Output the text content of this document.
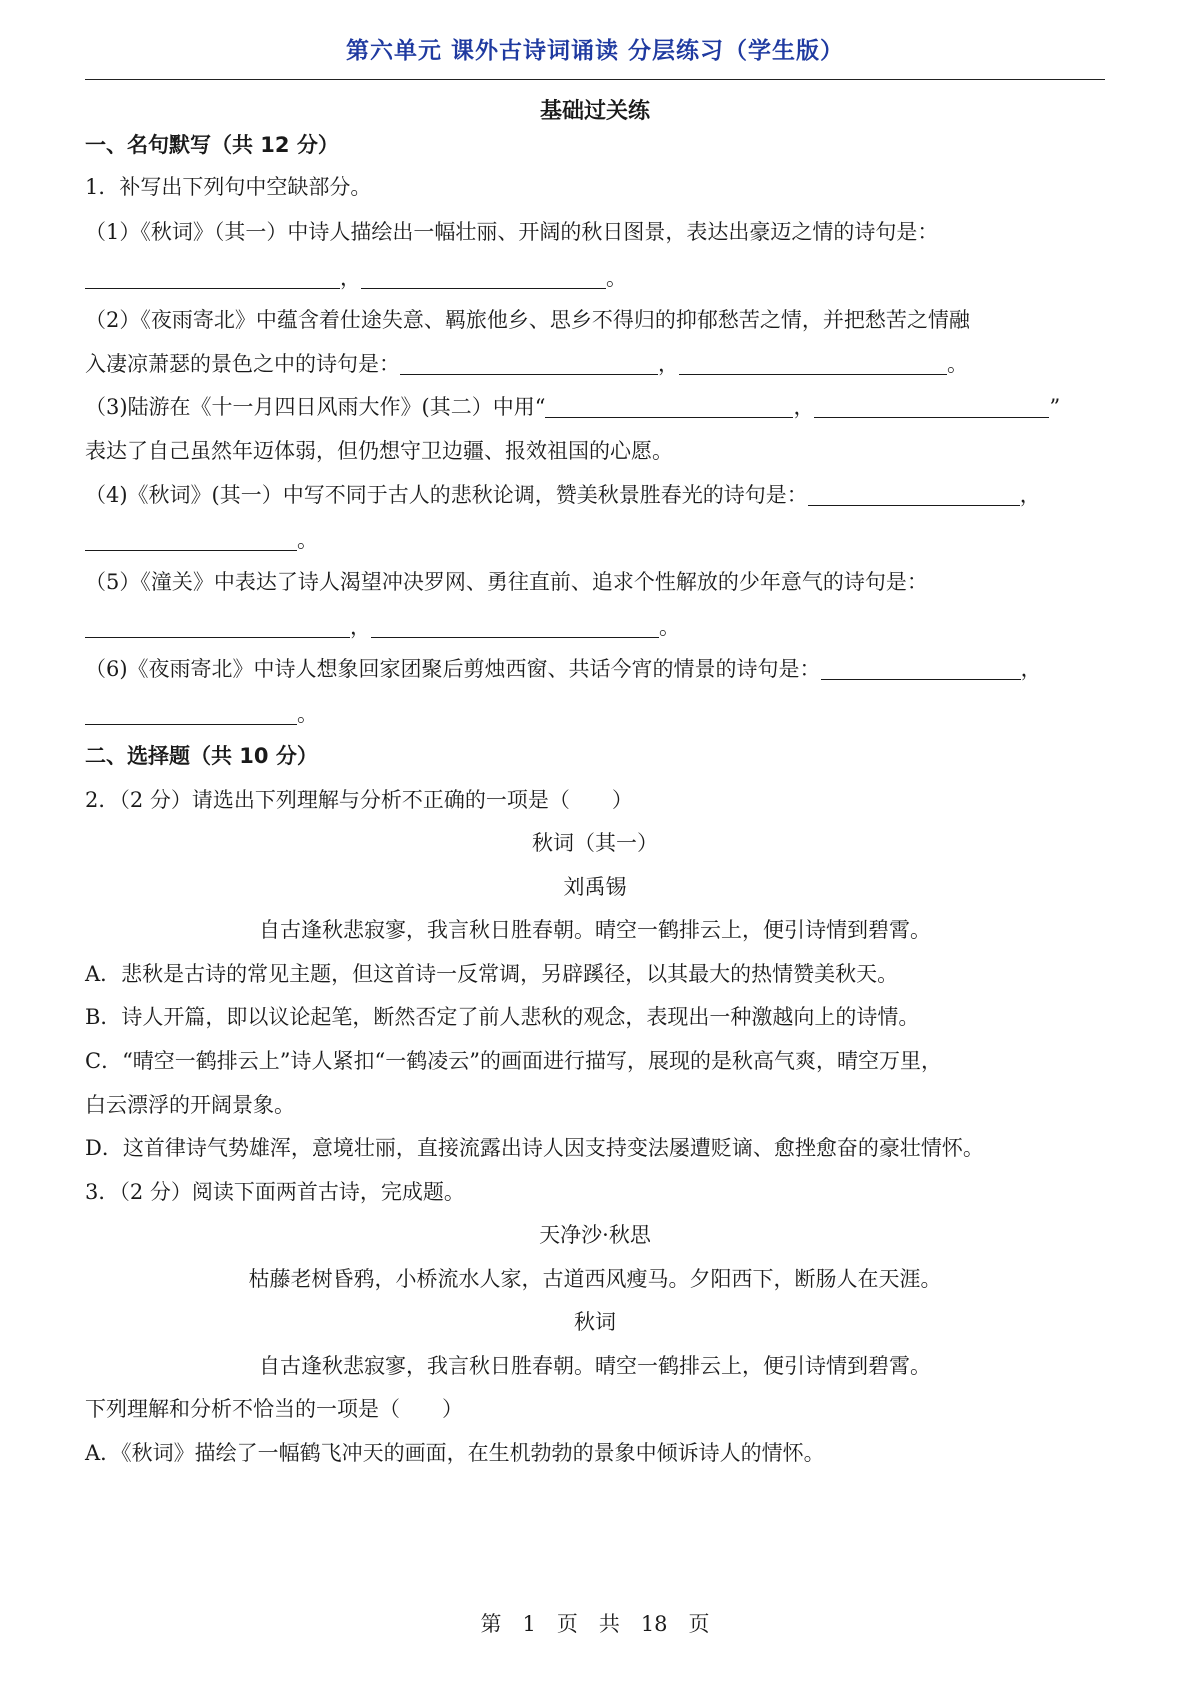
第六单元 课外古诗词诵读 分层练习（学生版）
基础过关练
一、名句默写（共 12 分）
1．补写出下列句中空缺部分。
（1）《秋词》（其一）中诗人描绘出一幅壮丽、开阔的秋日图景，表达出豪迈之情的诗句是：
，	。
（2）《夜雨寄北》中蕴含着仕途失意、羁旅他乡、思乡不得归的抑郁愁苦之情，并把愁苦之情融
入凄凉萧瑟的景色之中的诗句是：	，	。
（3)陆游在《十一月四日风雨大作》(其二）中用“	，	”
表达了自己虽然年迈体弱，但仍想守卫边疆、报效祖国的心愿。
（4)《秋词》(其一）中写不同于古人的悲秋论调，赞美秋景胜春光的诗句是：	，
。
（5）《潼关》中表达了诗人渴望冲决罗网、勇往直前、追求个性解放的少年意气的诗句是：
，	。
（6)《夜雨寄北》中诗人想象回家团聚后剪烛西窗、共话今宵的情景的诗句是：	，
。
二、选择题（共 10 分）
2．（2 分）请选出下列理解与分析不正确的一项是（　　）
秋词（其一）
刘禹锡
自古逢秋悲寂寥，我言秋日胜春朝。晴空一鹤排云上，便引诗情到碧霄。
A．悲秋是古诗的常见主题，但这首诗一反常调，另辟蹊径，以其最大的热情赞美秋天。
B．诗人开篇，即以议论起笔，断然否定了前人悲秋的观念，表现出一种激越向上的诗情。
C．“晴空一鹤排云上”诗人紧扣“一鹤凌云”的画面进行描写，展现的是秋高气爽，晴空万里，
白云漂浮的开阔景象。
D．这首律诗气势雄浑，意境壮丽，直接流露出诗人因支持变法屡遭贬谪、愈挫愈奋的豪壮情怀。
3．（2 分）阅读下面两首古诗，完成题。
天净沙·秋思
枯藤老树昏鸦，小桥流水人家，古道西风瘦马。夕阳西下，断肠人在天涯。
秋词
自古逢秋悲寂寥，我言秋日胜春朝。晴空一鹤排云上，便引诗情到碧霄。
下列理解和分析不恰当的一项是（　　）
A．《秋词》描绘了一幅鹤飞冲天的画面，在生机勃勃的景象中倾诉诗人的情怀。
第　1　页　共　18　页
